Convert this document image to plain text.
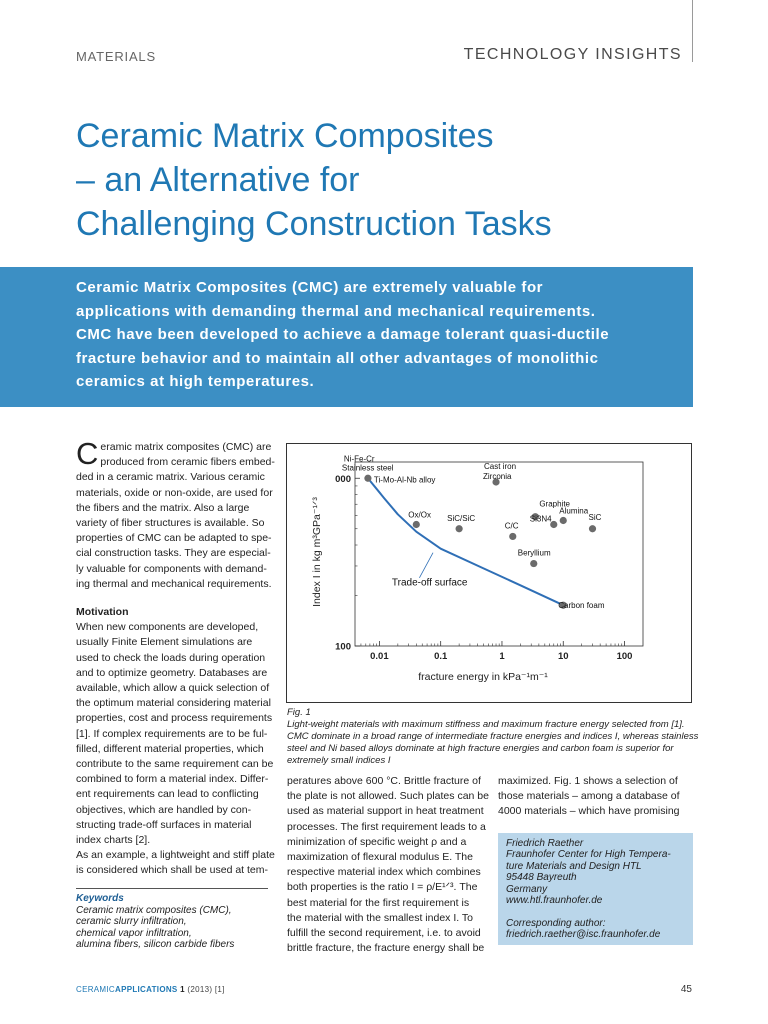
MATERIALS	TECHNOLOGY INSIGHTS
Ceramic Matrix Composites
– an Alternative for
Challenging Construction Tasks
Ceramic Matrix Composites (CMC) are extremely valuable for
applications with demanding thermal and mechanical requirements.
CMC have been developed to achieve a damage tolerant quasi-ductile
fracture behavior and to maintain all other advantages of monolithic
ceramics at high temperatures.
C eramic matrix composites (CMC) are
produced from ceramic fibers embed-
ded in a ceramic matrix. Various ceramic
materials, oxide or non-oxide, are used for
the fibers and the matrix. Also a large
variety of fiber structures is available. So
properties of CMC can be adapted to spe-
cial construction tasks. They are especial-
ly valuable for components with demand-
ing thermal and mechanical requirements.
Motivation
When new components are developed,
usually Finite Element simulations are
used to check the loads during operation
and to optimize geometry. Databases are
available, which allow a quick selection of
the optimum material considering material
properties, cost and process requirements
[1]. If complex requirements are to be ful-
filled, different material properties, which
contribute to the same requirement can be
combined to form a material index. Differ-
ent requirements can lead to conflicting
objectives, which are handled by con-
structing trade-off surfaces in material
index charts [2].
As an example, a lightweight and stiff plate
is considered which shall be used at tem-
0.01	0.1	1	10	100
100
000
Trade-off surface
Ni-Fe-Cr
Stainless steel
Ti-Mo-Al-Nb alloy
Cast iron
Zirconia
Graphite
Alumina
Si3N4	SiC
Ox/Ox SiC/SiC
C/C
Beryllium
Carbon foam
Index I in kg m³GPa⁻¹ᐟ³
fracture energy in kPa⁻¹m⁻¹
Fig. 1
Light-weight materials with maximum stiffness and maximum fracture energy selected from [1].
CMC dominate in a broad range of intermediate fracture energies and indices I, whereas stainless
steel and Ni based alloys dominate at high fracture energies and carbon foam is superior for
extremely small indices I
peratures above 600 °C. Brittle fracture of
the plate is not allowed. Such plates can be
used as material support in heat treatment
processes. The first requirement leads to a
minimization of specific weight ρ and a
maximization of flexural modulus E. The
respective material index which combines
both properties is the ratio I = ρ/E¹ᐟ³. The
best material for the first requirement is
the material with the smallest index I. To
fulfill the second requirement, i.e. to avoid
brittle fracture, the fracture energy shall be
maximized. Fig. 1 shows a selection of
those materials – among a database of
4000 materials – which have promising
Friedrich Raether
Fraunhofer Center for High Tempera-
ture Materials and Design HTL
95448 Bayreuth
Germany
www.htl.fraunhofer.de
Corresponding author:
friedrich.raether@isc.fraunhofer.de
Keywords
Ceramic matrix composites (CMC),
ceramic slurry infiltration,
chemical vapor infiltration,
alumina fibers, silicon carbide fibers
CERAMICAPPLICATIONS 1 (2013) [1]	45
